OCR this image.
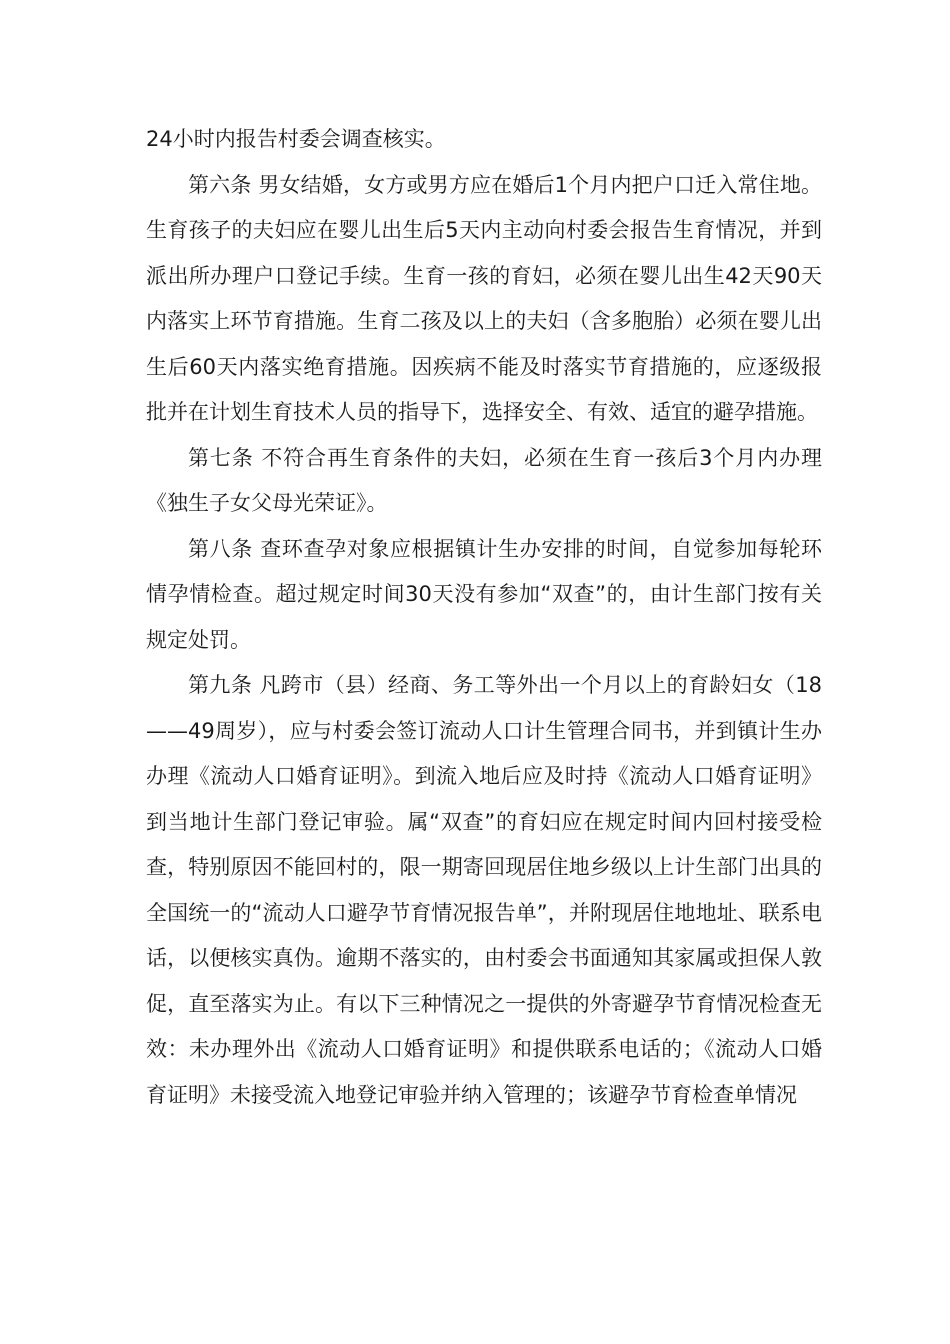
24小时内报告村委会调查核实。

第六条 男女结婚，女方或男方应在婚后1个月内把户口迁入常住地。生育孩子的夫妇应在婴儿出生后5天内主动向村委会报告生育情况，并到派出所办理户口登记手续。生育一孩的育妇，必须在婴儿出生42天90天内落实上环节育措施。生育二孩及以上的夫妇（含多胞胎）必须在婴儿出生后60天内落实绝育措施。因疾病不能及时落实节育措施的，应逐级报批并在计划生育技术人员的指导下，选择安全、有效、适宜的避孕措施。

第七条 不符合再生育条件的夫妇，必须在生育一孩后3个月内办理《独生子女父母光荣证》。

第八条 查环查孕对象应根据镇计生办安排的时间，自觉参加每轮环情孕情检查。超过规定时间30天没有参加“双查”的，由计生部门按有关规定处罚。

第九条 凡跨市（县）经商、务工等外出一个月以上的育龄妇女（18——49周岁），应与村委会签订流动人口计生管理合同书，并到镇计生办办理《流动人口婚育证明》。到流入地后应及时持《流动人口婚育证明》到当地计生部门登记审验。属“双查”的育妇应在规定时间内回村接受检查，特别原因不能回村的，限一期寄回现居住地乡级以上计生部门出具的全国统一的“流动人口避孕节育情况报告单”，并附现居住地地址、联系电话，以便核实真伪。逾期不落实的，由村委会书面通知其家属或担保人敦促，直至落实为止。有以下三种情况之一提供的外寄避孕节育情况检查无效：未办理外出《流动人口婚育证明》和提供联系电话的；《流动人口婚育证明》未接受流入地登记审验并纳入管理的；该避孕节育检查单情况
